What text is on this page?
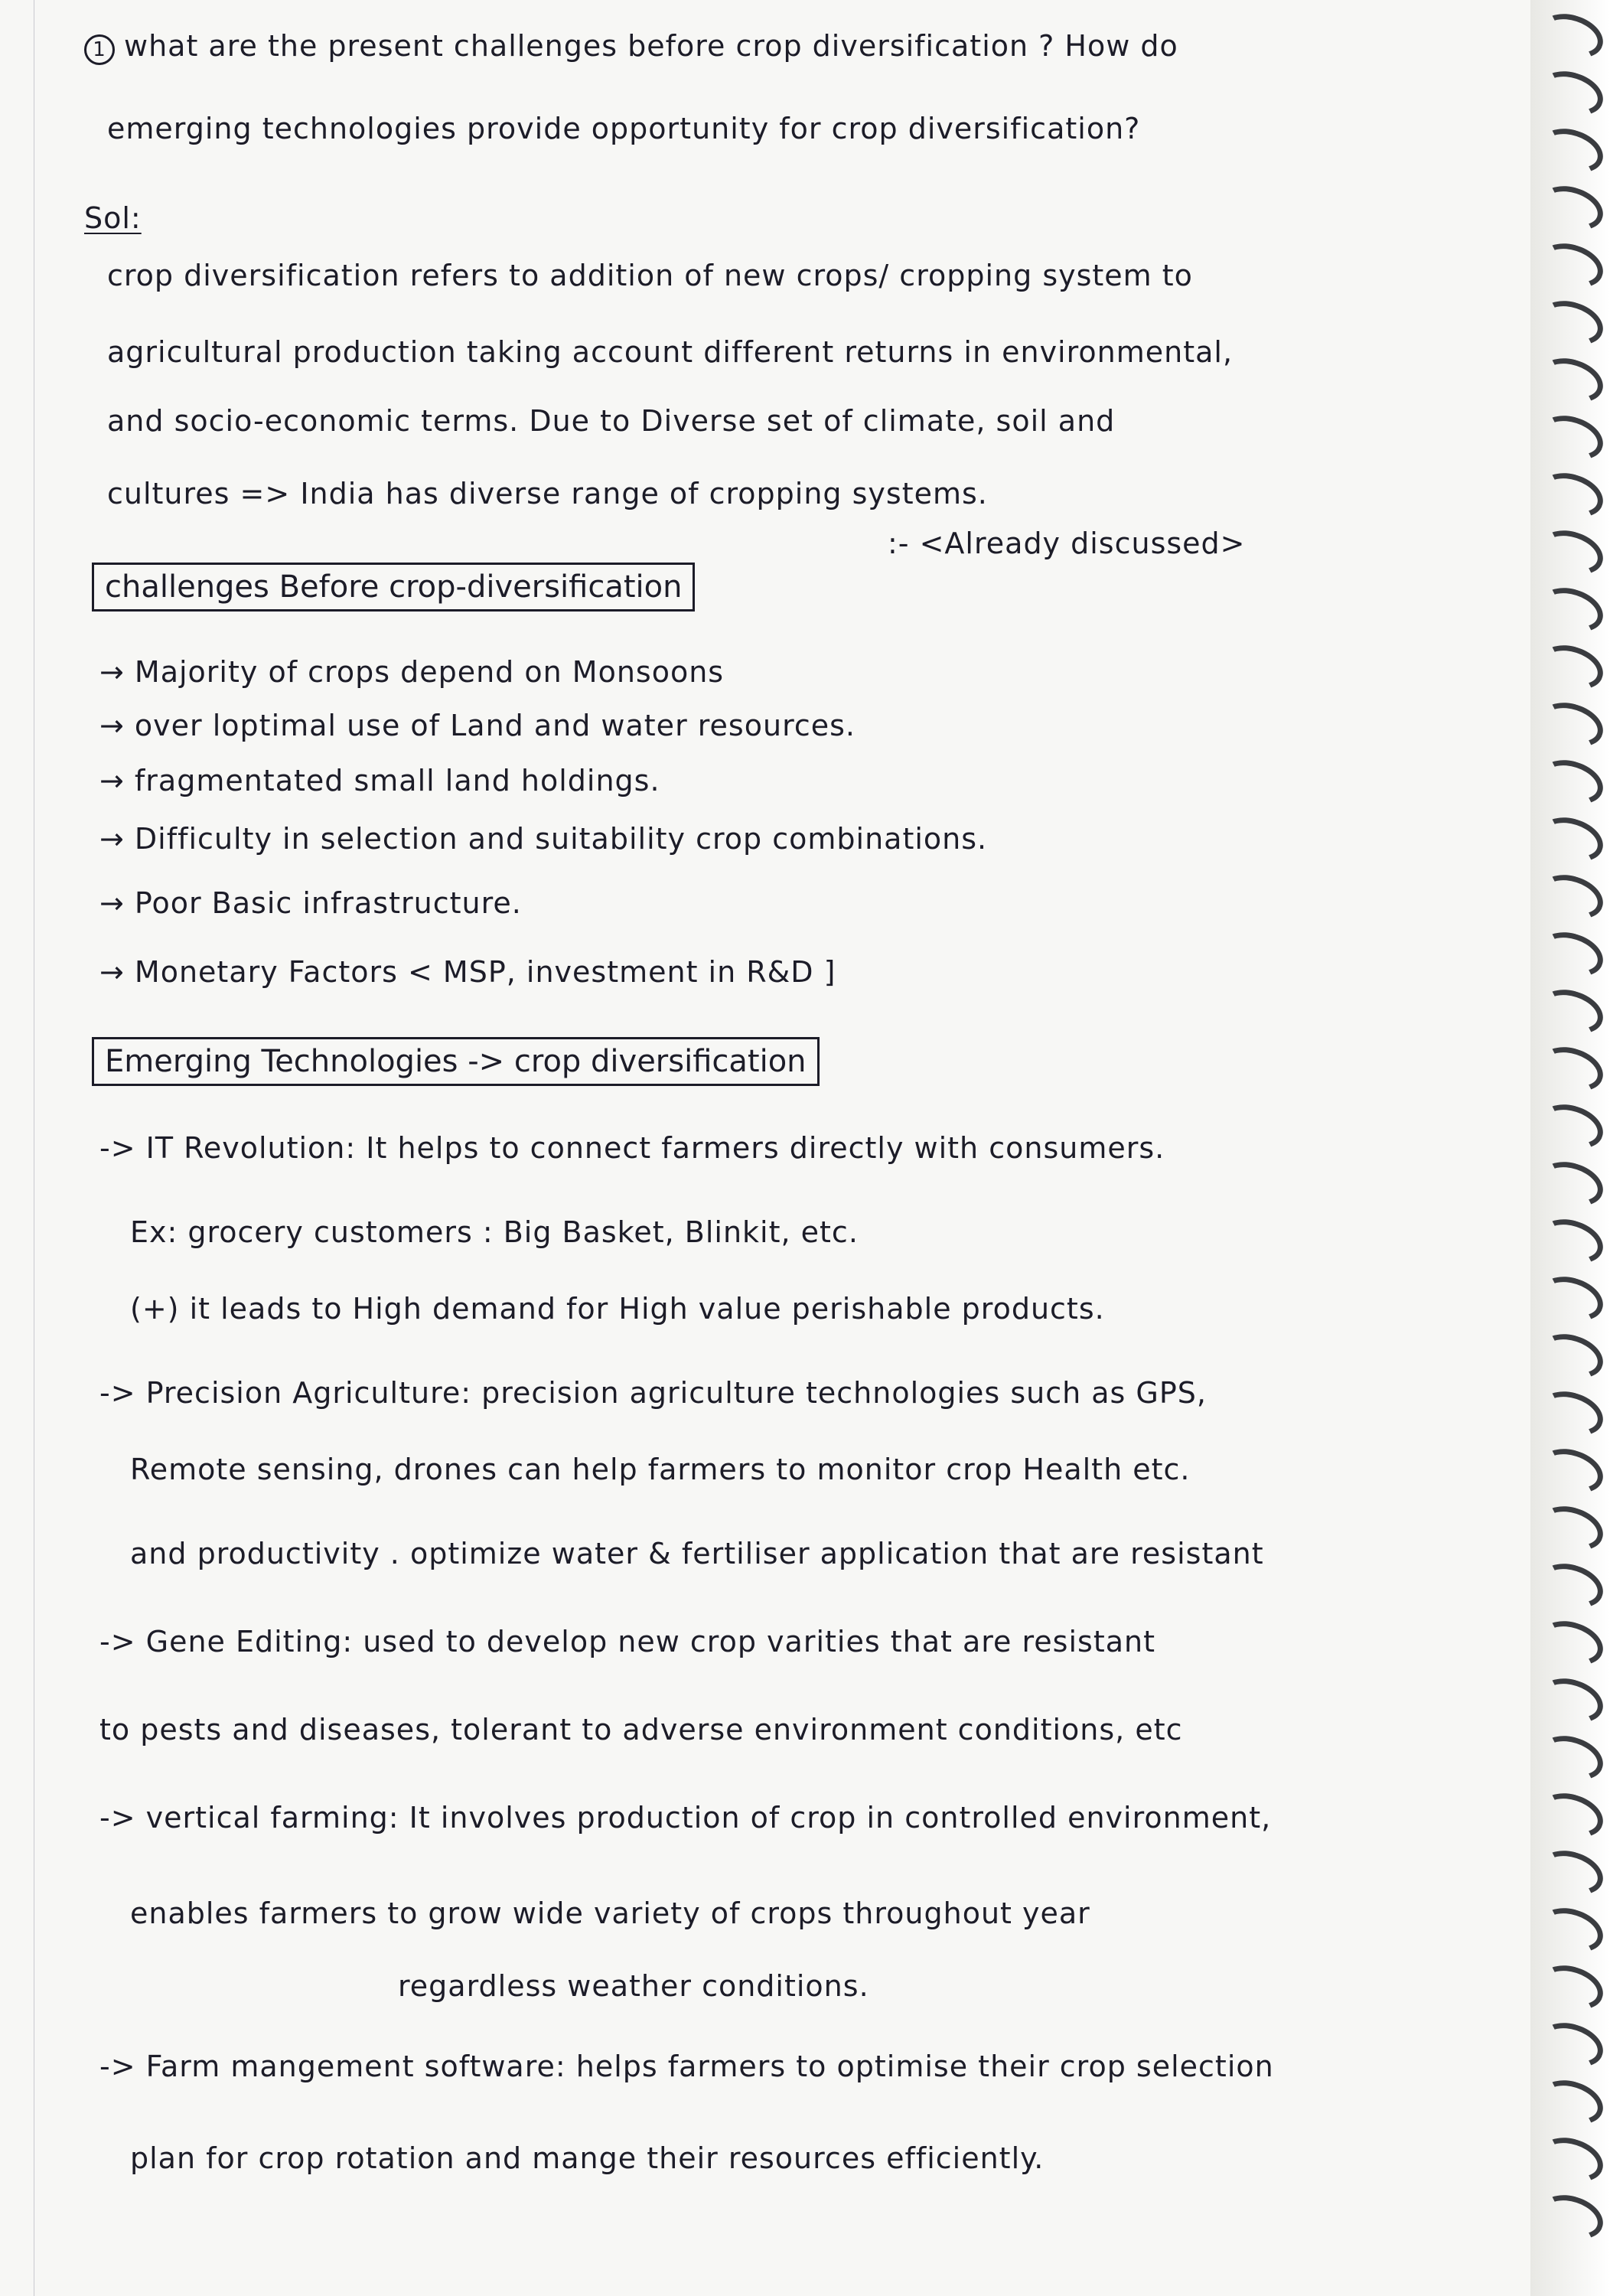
1 what are the present challenges before crop diversification ? How do
emerging technologies provide opportunity for crop diversification?
Sol:
crop diversification refers to addition of new crops/ cropping system to
agricultural production taking account different returns in environmental,
and socio-economic terms. Due to Diverse set of climate, soil and
cultures => India has diverse range of cropping systems.
challenges Before crop-diversification
:- <Already discussed>
→ Majority of crops depend on Monsoons
→ over loptimal use of Land and water resources.
→ fragmentated small land holdings.
→ Difficulty in selection and suitability crop combinations.
→ Poor Basic infrastructure.
→ Monetary Factors < MSP, investment in R&D ]
Emerging Technologies -> crop diversification
-> IT Revolution: It helps to connect farmers directly with consumers.
Ex: grocery customers : Big Basket, Blinkit, etc.
(+) it leads to High demand for High value perishable products.
-> Precision Agriculture: precision agriculture technologies such as GPS,
Remote sensing, drones can help farmers to monitor crop Health etc.
and productivity . optimize water & fertiliser application that are resistant
-> Gene Editing: used to develop new crop varities that are resistant
to pests and diseases, tolerant to adverse environment conditions, etc
-> vertical farming: It involves production of crop in controlled environment,
enables farmers to grow wide variety of crops throughout year
regardless weather conditions.
-> Farm mangement software: helps farmers to optimise their crop selection
plan for crop rotation and mange their resources efficiently.
